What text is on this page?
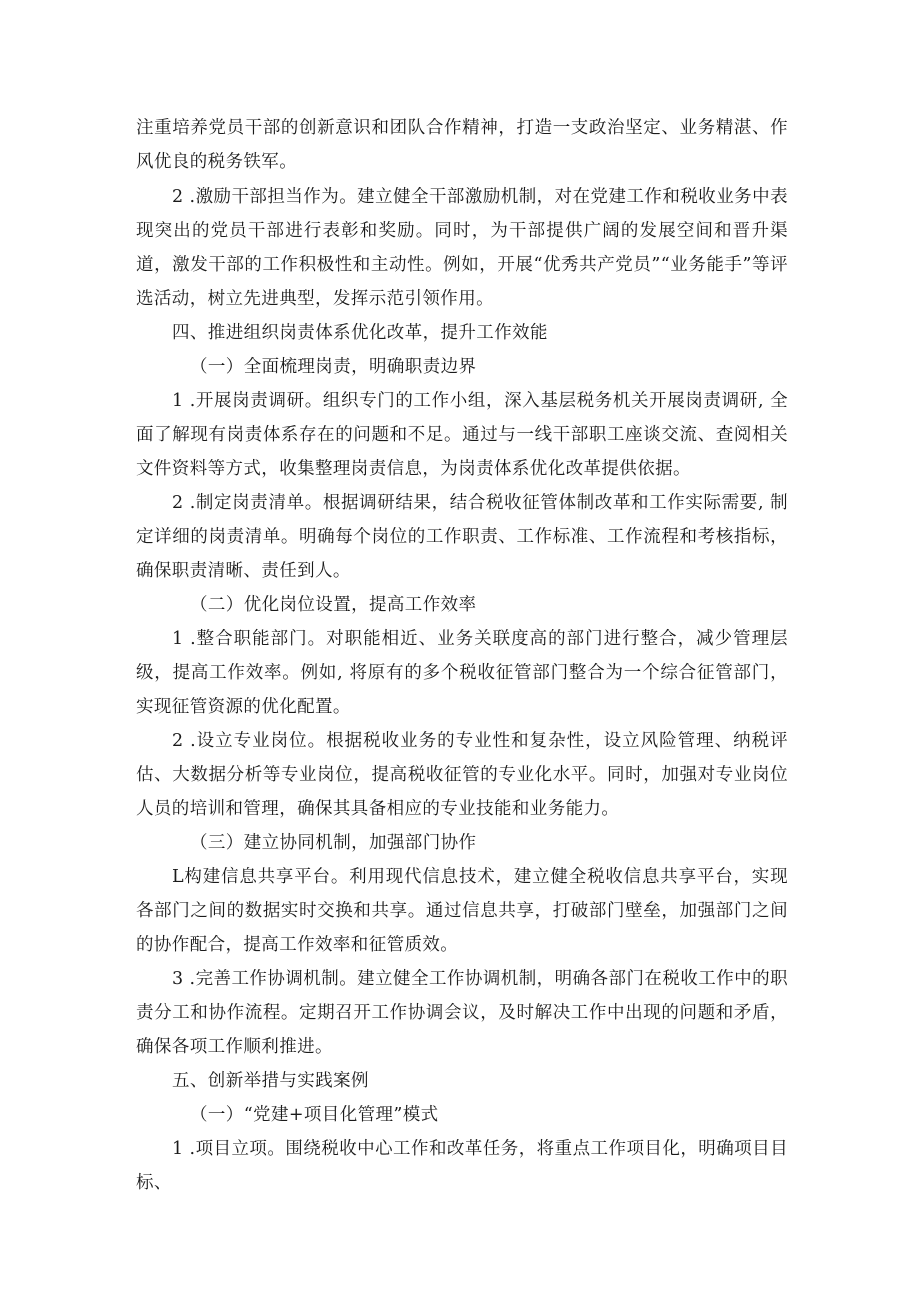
注重培养党员干部的创新意识和团队合作精神，打造一支政治坚定、业务精湛、作风优良的税务铁军。

2 .激励干部担当作为。建立健全干部激励机制，对在党建工作和税收业务中表现突出的党员干部进行表彰和奖励。同时，为干部提供广阔的发展空间和晋升渠道，激发干部的工作积极性和主动性。例如，开展“优秀共产党员”“业务能手”等评选活动，树立先进典型，发挥示范引领作用。

四、推进组织岗责体系优化改革，提升工作效能

（一）全面梳理岗责，明确职责边界

1 .开展岗责调研。组织专门的工作小组，深入基层税务机关开展岗责调研, 全面了解现有岗责体系存在的问题和不足。通过与一线干部职工座谈交流、查阅相关文件资料等方式，收集整理岗责信息，为岗责体系优化改革提供依据。

2 .制定岗责清单。根据调研结果，结合税收征管体制改革和工作实际需要, 制定详细的岗责清单。明确每个岗位的工作职责、工作标准、工作流程和考核指标，确保职责清晰、责任到人。

（二）优化岗位设置，提高工作效率

1 .整合职能部门。对职能相近、业务关联度高的部门进行整合，减少管理层级，提高工作效率。例如, 将原有的多个税收征管部门整合为一个综合征管部门，实现征管资源的优化配置。

2 .设立专业岗位。根据税收业务的专业性和复杂性，设立风险管理、纳税评估、大数据分析等专业岗位，提高税收征管的专业化水平。同时，加强对专业岗位人员的培训和管理，确保其具备相应的专业技能和业务能力。

（三）建立协同机制，加强部门协作

L构建信息共享平台。利用现代信息技术，建立健全税收信息共享平台，实现各部门之间的数据实时交换和共享。通过信息共享，打破部门壁垒，加强部门之间的协作配合，提高工作效率和征管质效。

3 .完善工作协调机制。建立健全工作协调机制，明确各部门在税收工作中的职责分工和协作流程。定期召开工作协调会议，及时解决工作中出现的问题和矛盾，确保各项工作顺利推进。

五、创新举措与实践案例

（一）“党建+项目化管理”模式

1 .项目立项。围绕税收中心工作和改革任务，将重点工作项目化，明确项目目标、
